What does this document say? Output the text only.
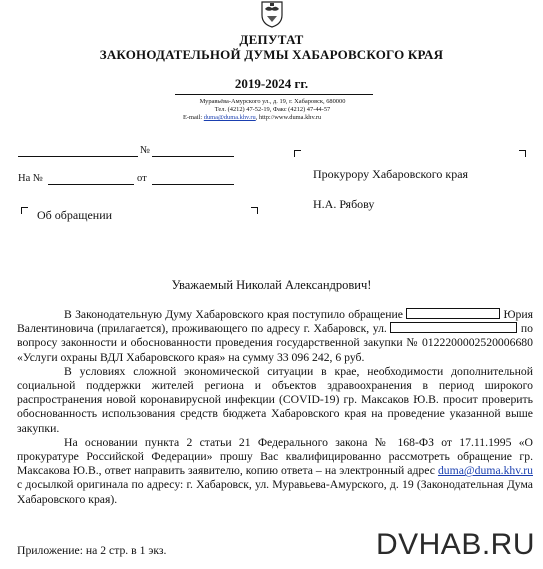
ДЕПУТАТ
ЗАКОНОДАТЕЛЬНОЙ ДУМЫ ХАБАРОВСКОГО КРАЯ
2019-2024 гг.
Муравьёва-Амурского ул., д. 19, г. Хабаровск, 680000
Тел. (4212) 47-52-19, Факс (4212) 47-44-57
E-mail: duma@duma.khv.ru, http://www.duma.khv.ru
№
На №	от	Прокурору Хабаровского края
Н.А. Рябову
Об обращении
Уважаемый Николай Александрович!

В Законодательную Думу Хабаровского края поступило обращение	Юрия Валентиновича (прилагается), проживающего по адресу г. Хабаровск, ул.	по вопросу законности и обоснованности проведения государственной закупки № 0122200002520006680 «Услуги охраны ВДЛ Хабаровского края» на сумму 33 096 242, 6 руб.

В условиях сложной экономической ситуации в крае, необходимости дополнительной социальной поддержки жителей региона и объектов здравоохранения в период широкого распространения новой коронавирусной инфекции (COVID-19) гр. Максаков Ю.В. просит проверить обоснованность использования средств бюджета Хабаровского края на проведение указанной выше закупки.

На основании пункта 2 статьи 21 Федерального закона № 168-ФЗ от 17.11.1995 «О прокуратуре Российской Федерации» прошу Вас квалифицированно рассмотреть обращение гр. Максакова Ю.В., ответ направить заявителю, копию ответа – на электронный адрес duma@duma.khv.ru с досылкой оригинала по адресу: г. Хабаровск, ул. Муравьева-Амурского, д. 19 (Законодательная Дума Хабаровского края).

Приложение: на 2 стр. в 1 экз.	DVHAB.RU
